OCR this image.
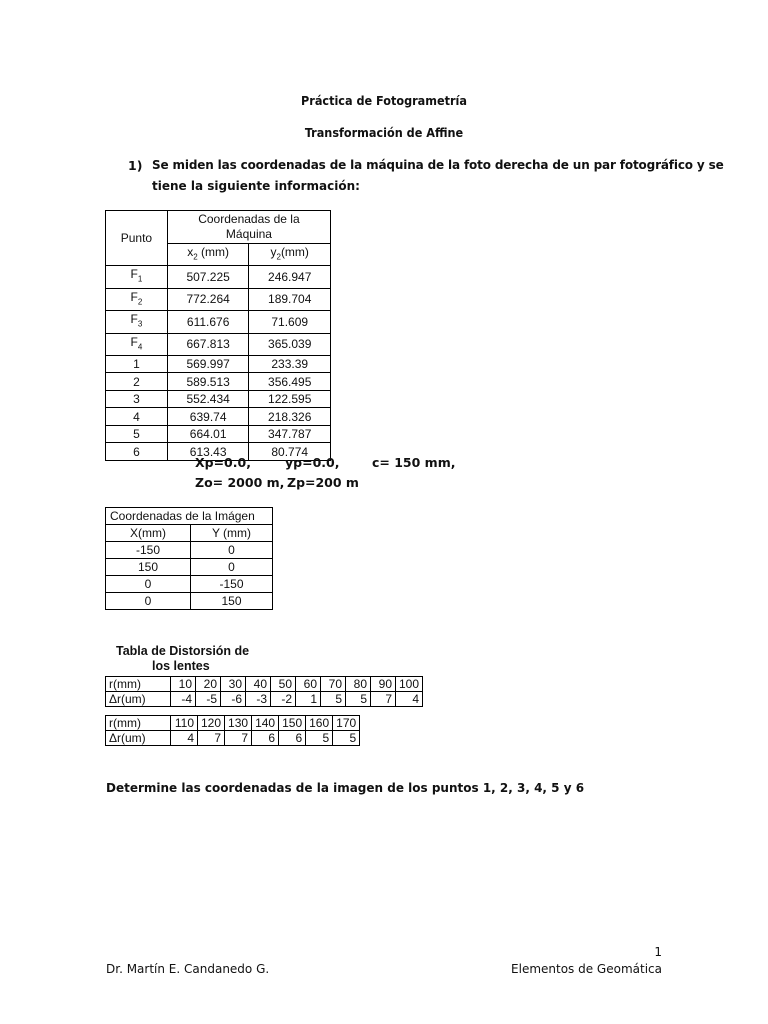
Práctica de Fotogrametría
Transformación de Affine
1) Se miden las coordenadas de la máquina de la foto derecha de un par fotográfico y se
tiene la siguiente información:
Punto	Coordenadas de la Máquina	
	$x_2$ (mm)	$y_2(mm)$
$F_1$	507.225	246.947
$F_2$	772.264	189.704
$F_3$	611.676	71.609
$F_4$	667.813	365.039
1	569.997	233.39
2	589.513	356.495
3	552.434	122.595
4	639.74	218.326
5	664.01	347.787
6	613.43	80.774
Xp=0.0,	yp=0.0,	c= 150 mm,
Zo= 2000 m, Zp=200 m
Coordenadas de la Imágen	
X(mm)	Y (mm)
-150	0
150	0
0	-150
0	150
Tabla de Distorsión de
los lentes
r(mm)	10	20	30	40	50	60	70	80	90	100
Δr(um)	-4	-5	-6	-3	-2	1	5	5	7	4
r(mm)	110	120	130	140	150	160	170
Δr(um)	4	7	7	6	6	5	5
Determine las coordenadas de la imagen de los puntos 1, 2, 3, 4, 5 y 6
1
Dr. Martín E. Candanedo G.	Elementos de Geomática
